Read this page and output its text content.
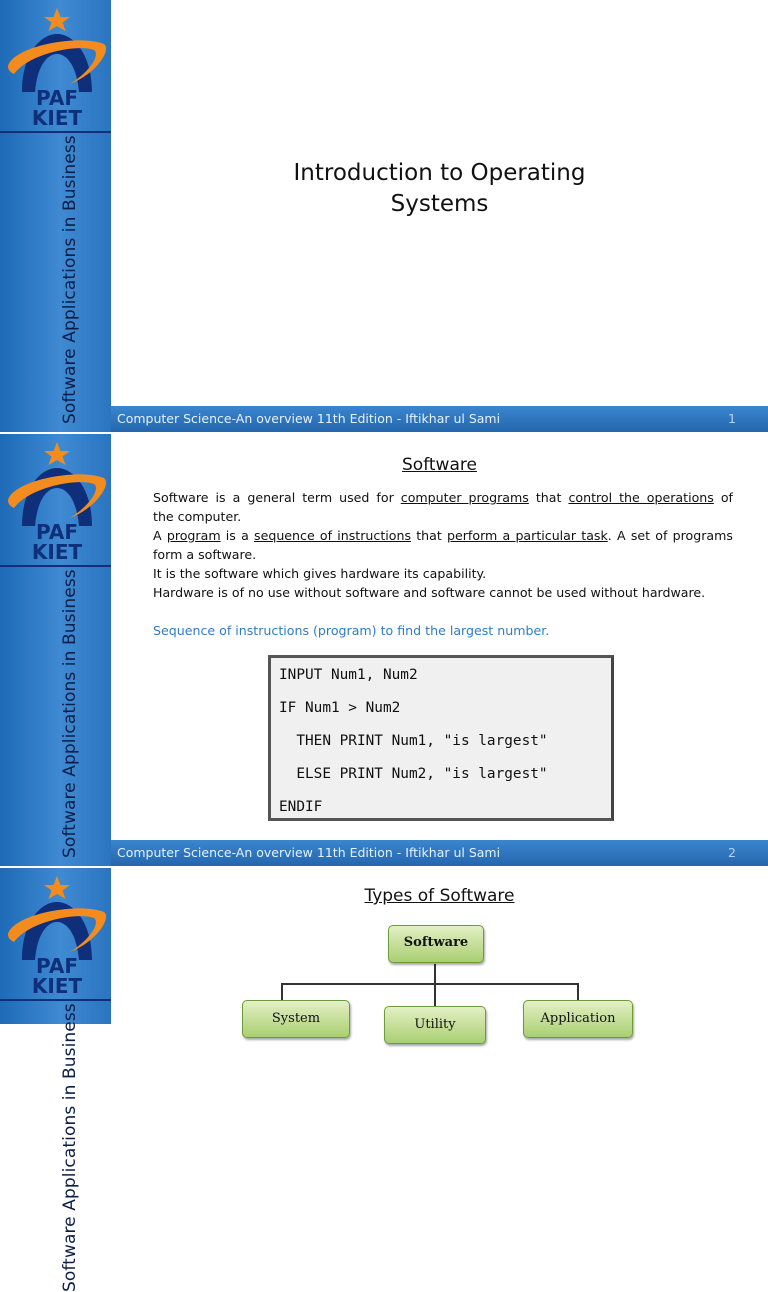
PAF
KIET
Software Applications in Business	Introduction to Operating
Systems
Computer Science-An overview 11th Edition - Iftikhar ul Sami	1
PAF
KIET
Software Applications in Business
Software

Software is a general term used for computer programs that control the operations of

the computer.

A program is a sequence of instructions that perform a particular task. A set of programs

form a software.

It is the software which gives hardware its capability.

Hardware is of no use without software and software cannot be used without hardware.

Sequence of instructions (program) to find the largest number.
INPUT Num1, Num2
IF Num1 > Num2
THEN PRINT Num1, "is largest"
ELSE PRINT Num2, "is largest"
ENDIF
Computer Science-An overview 11th Edition - Iftikhar ul Sami	2
PAF
KIET
Software Applications in Business
Types of Software
Software
System	Utility	Application
